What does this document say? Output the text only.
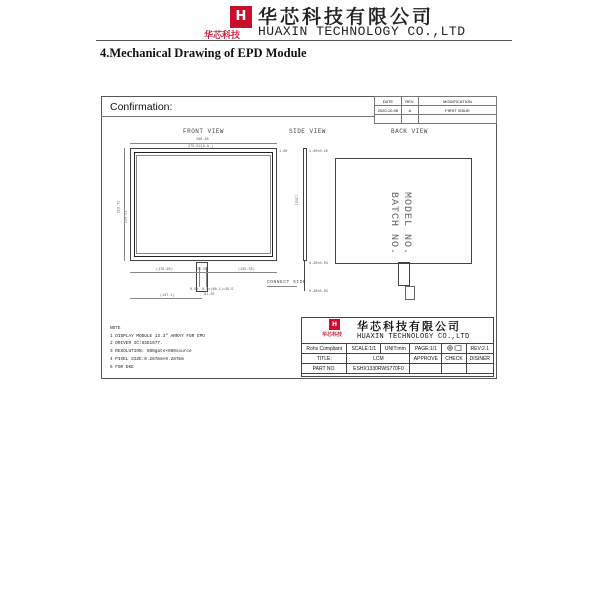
H
华芯科技
华芯科技有限公司
HUAXIN TECHNOLOGY CO.,LTD
4.Mechanical Drawing of EPD Module
Confirmation:	DATE	REV.	MODIFICATION
2020-10-06	A	FIRST ISSUE

FRONT VIEW	SIDE VIEW	BACK VIEW
296.36
275.52(A.A.)
1.00
213.72
224.01
(178.65)	25.50	(135.35)
0.50 0.5x(60-1)=29.5
31.20
(137.1)
1.00±0.10
(203)
0.30±0.03
0.30±0.03
CONNECT SIDE
MODEL NO.
BATCH NO.
NOTE
1 DISPLAY MODULE 13.3" ARRAY FOR EPD
2 DRIVER IC:SSD1677.
3 RESOLUTION: 680gate×960source
4 PIXEL SIZE:0.287mm×0.287mm
5 FOR DKE
H
华芯科技
华芯科技有限公司
HUAXIN TECHNOLOGY CO.,LTD
Rohs Compliant	SCALE:1/1	UNIT:mm	PAGE:1/1		REV:2.1
TITLE:	LCM		APPROVE	CHECK	DISINER
PART NO.	ESHX1330RWS770F0				
